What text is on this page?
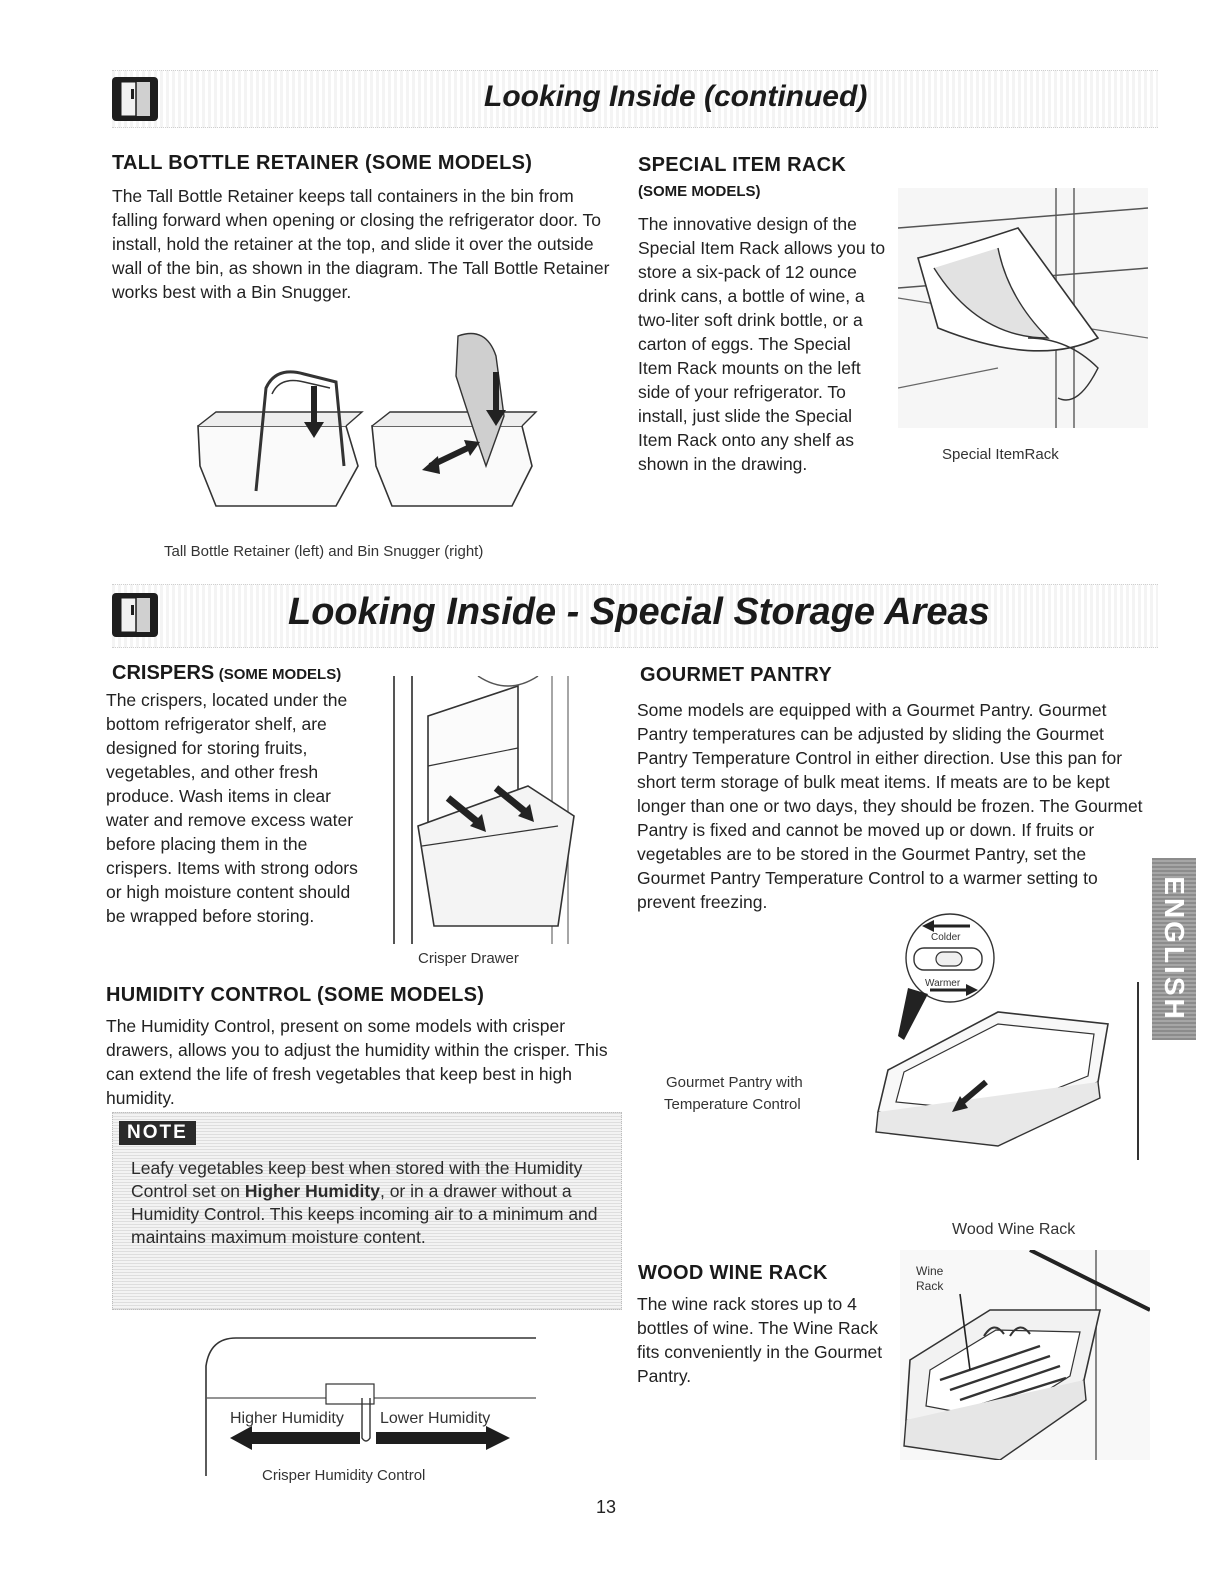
Looking Inside (continued)
TALL BOTTLE RETAINER (SOME MODELS)

The Tall Bottle Retainer keeps tall containers in the bin from falling forward when opening or closing the refrigerator door. To install, hold the retainer at the top, and slide it over the outside wall of the bin, as shown in the diagram. The Tall Bottle Retainer works best with a Bin Snugger.

Tall Bottle Retainer (left) and Bin Snugger (right)
SPECIAL ITEM RACK
(SOME MODELS)

The innovative design of the Special Item Rack allows you to store a six-pack of 12 ounce drink cans, a bottle of wine, a two-liter soft drink bottle, or a carton of eggs. The Special Item Rack mounts on the left side of your refrigerator. To install, just slide the Special Item Rack onto any shelf as shown in the drawing.	Special ItemRack
Looking Inside - Special Storage Areas
CRISPERS (SOME MODELS)

The crispers, located under the bottom refrigerator shelf, are designed for storing fruits, vegetables, and other fresh produce. Wash items in clear water and remove excess water before placing them in the crispers. Items with strong odors or high moisture content should be wrapped before storing.

Crisper Drawer
HUMIDITY CONTROL (SOME MODELS)

The Humidity Control, present on some models with crisper drawers, allows you to adjust the humidity within the crisper. This can extend the life of fresh vegetables that keep best in high humidity.

NOTE

Leafy vegetables keep best when stored with the Humidity Control set on Higher Humidity, or in a drawer without a Humidity Control. This keeps incoming air to a minimum and maintains maximum moisture content.

Higher Humidity Lower Humidity
Crisper Humidity Control
GOURMET PANTRY

Some models are equipped with a Gourmet Pantry. Gourmet Pantry temperatures can be adjusted by sliding the Gourmet Pantry Temperature Control in either direction. Use this pan for short term storage of bulk meat items. If meats are to be kept longer than one or two days, they should be frozen. The Gourmet Pantry is fixed and cannot be moved up or down. If fruits or vegetables are to be stored in the Gourmet Pantry, set the Gourmet Pantry Temperature Control to a warmer setting to prevent freezing.

Colder
Warmer
Gourmet Pantry with
Temperature Control
Wood Wine Rack
WOOD WINE RACK

The wine rack stores up to 4 bottles of wine. The Wine Rack fits conveniently in the Gourmet Pantry.

Wine
Rack
ENGLISH
13
